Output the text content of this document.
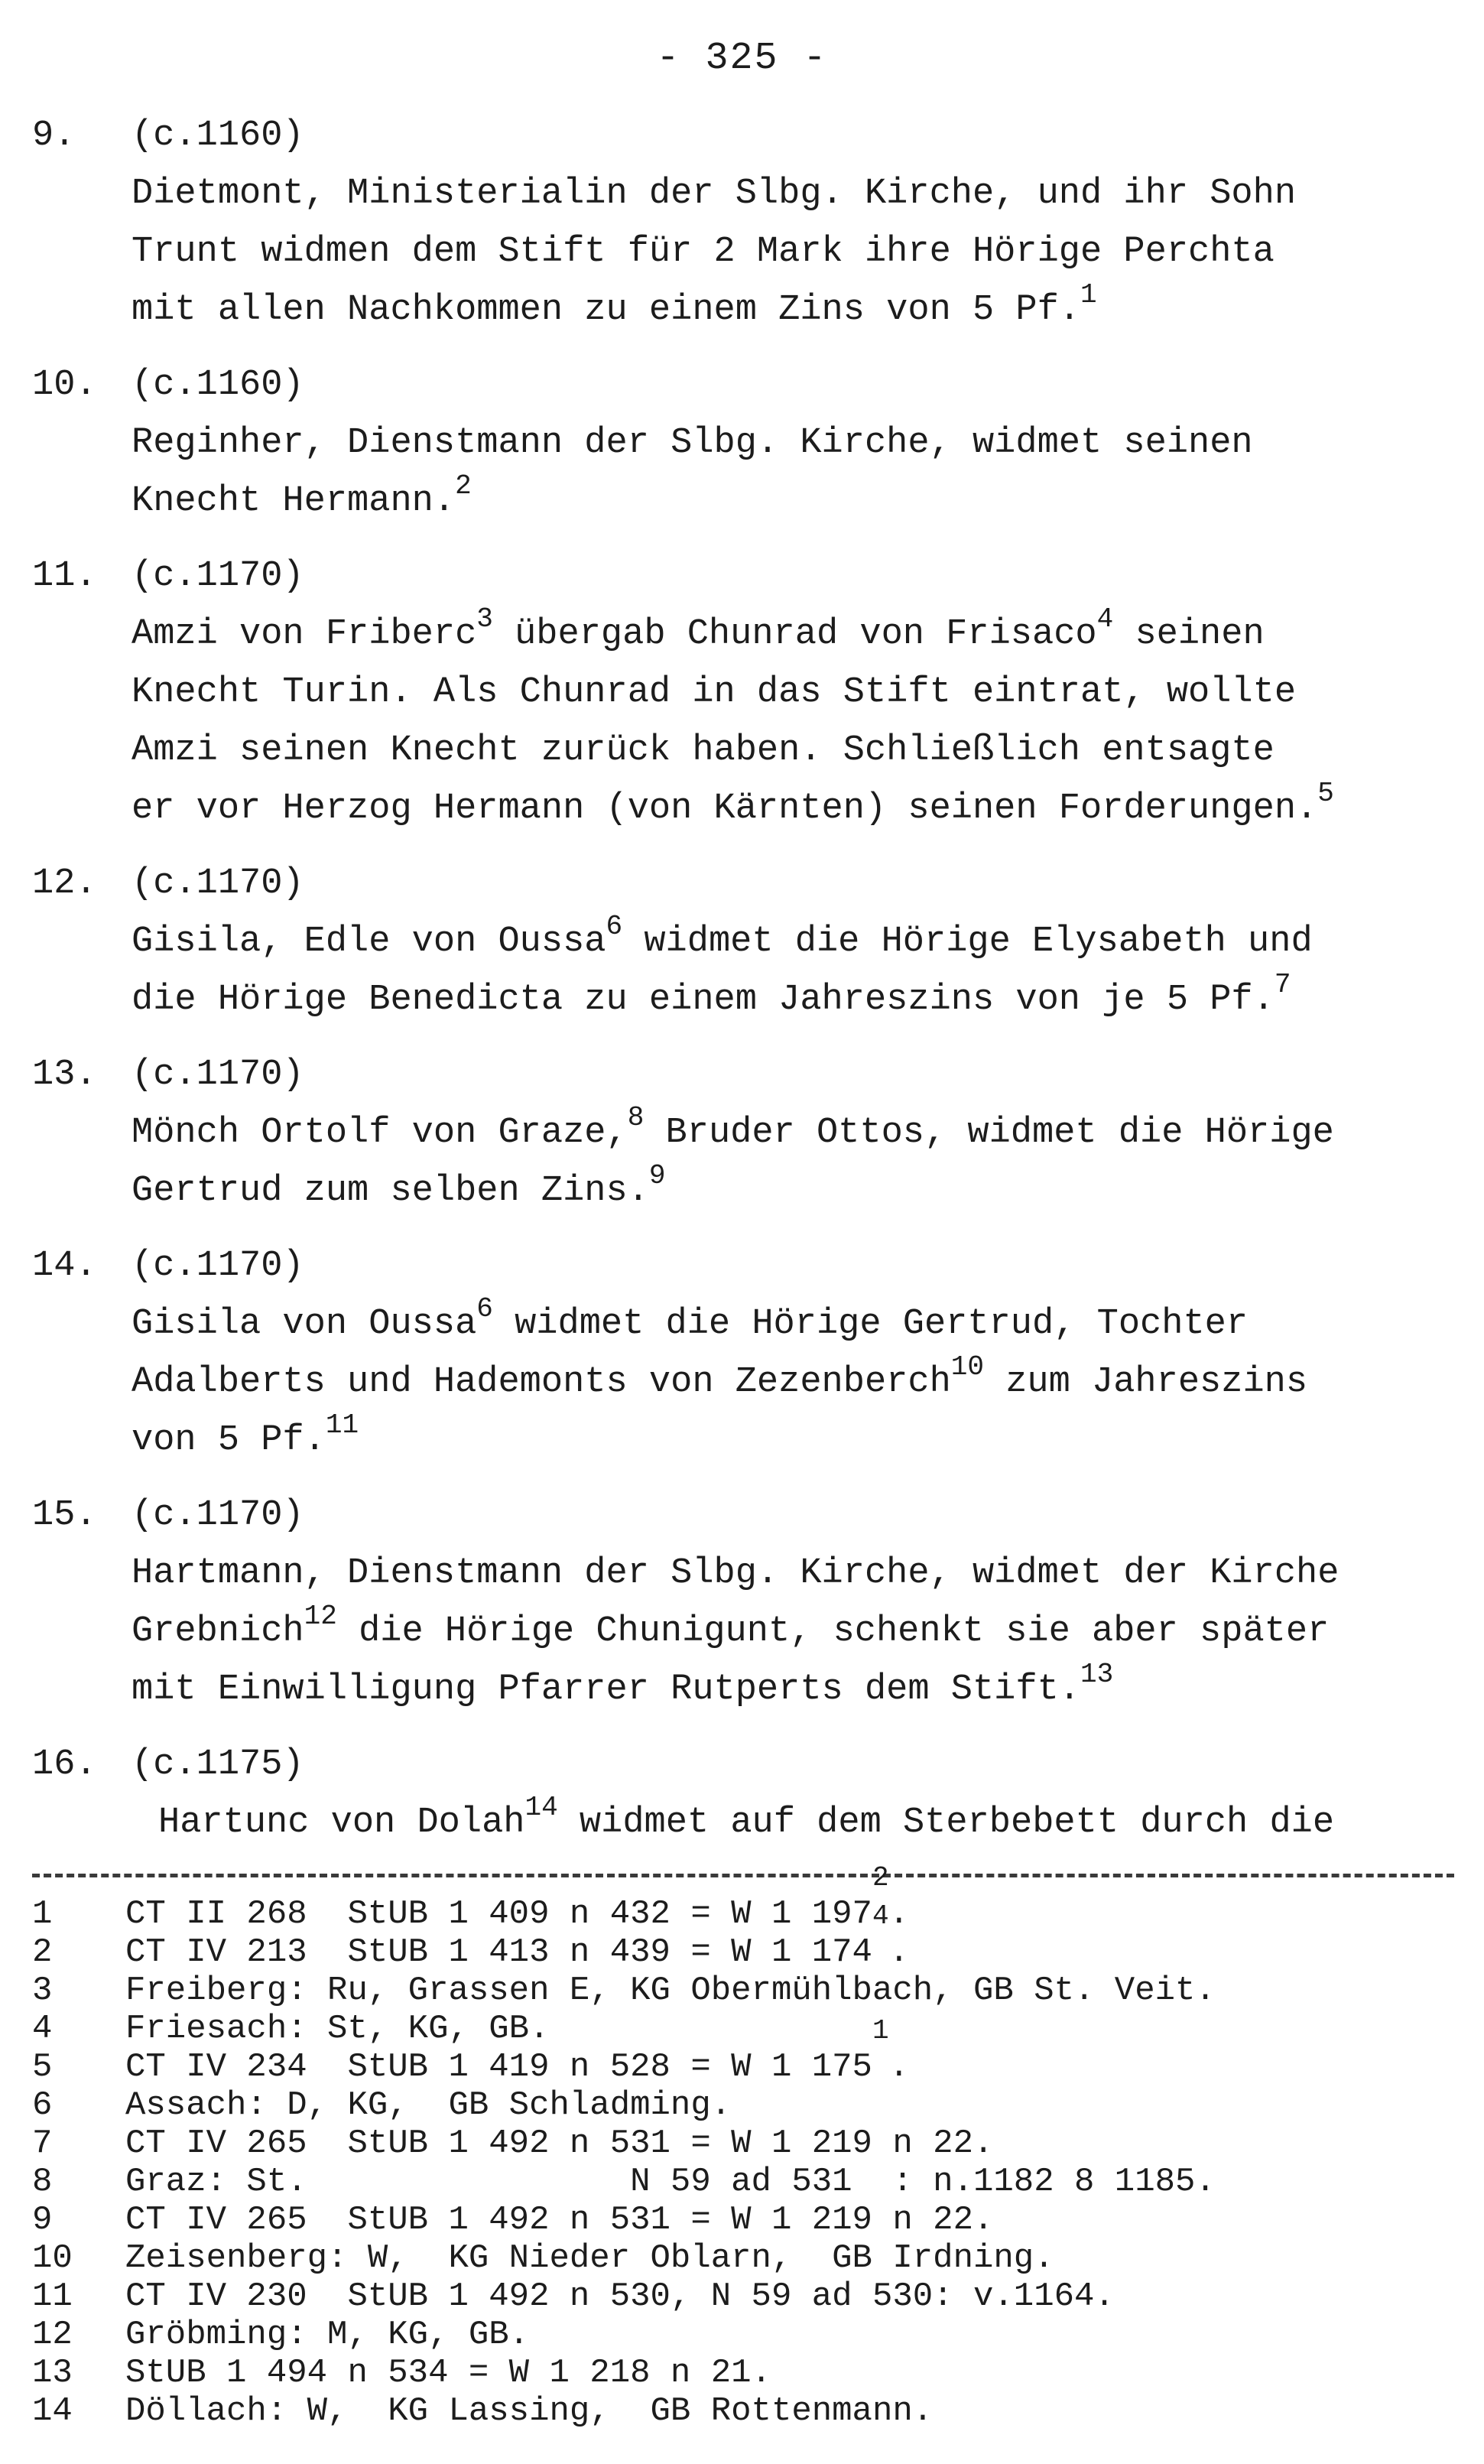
- 325 -
9.	(c.1160)
Dietmont, Ministerialin der Slbg. Kirche, und ihr Sohn
Trunt widmen dem Stift für 2 Mark ihre Hörige Perchta
mit allen Nachkommen zu einem Zins von 5 Pf.$^1$
10. (c.1160)
Reginher, Dienstmann der Slbg. Kirche, widmet seinen
Knecht Hermann.$^2$
11. (c.1170)
Amzi von Friberc$^3$ übergab Chunrad von Frisaco$^4$ seinen
Knecht Turin. Als Chunrad in das Stift eintrat, wollte
Amzi seinen Knecht zurück haben. Schließlich entsagte
er vor Herzog Hermann (von Kärnten) seinen Forderungen.$^5$
12. (c.1170)
Gisila, Edle von Oussa$^6$ widmet die Hörige Elysabeth und
die Hörige Benedicta zu einem Jahreszins von je 5 Pf.$^7$
13. (c.1170)
Mönch Ortolf von Graze,$^8$ Bruder Ottos, widmet die Hörige
Gertrud zum selben Zins.$^9$
14. (c.1170)
Gisila von Oussa$^6$ widmet die Hörige Gertrud, Tochter
Adalberts und Hademonts von Zezenberch$^{10}$ zum Jahreszins
von 5 Pf.$^{11}$
15. (c.1170)
Hartmann, Dienstmann der Slbg. Kirche, widmet der Kirche
Grebnich$^{12}$ die Hörige Chunigunt, schenkt sie aber später
mit Einwilligung Pfarrer Rutperts dem Stift.$^{13}$
16. (c.1175)
Hartunc von Dolah$^{14}$ widmet auf dem Sterbebett durch die
1	CT II 268  StUB 1 409 n 432 = W 1 197
$^2$
.
2	CT IV 213  StUB 1 413 n 439 = W 1 174
$^4$
.
3	Freiberg: Ru, Grassen E, KG Obermühlbach, GB St. Veit.
4	Friesach: St, KG, GB.
5	CT IV 234  StUB 1 419 n 528 = W 1 175
$^1$
.
6	Assach: D, KG,  GB Schladming.
7	CT IV 265  StUB 1 492 n 531 = W 1 219 n 22.
8	Graz: St.                N 59 ad 531  : n.1182 8 1185.
9	CT IV 265  StUB 1 492 n 531 = W 1 219 n 22.
10	Zeisenberg: W,  KG Nieder Oblarn,  GB Irdning.
11	CT IV 230  StUB 1 492 n 530, N 59 ad 530: v.1164.
12	Gröbming: M, KG, GB.
13	StUB 1 494 n 534 = W 1 218 n 21.
14	Döllach: W,  KG Lassing,  GB Rottenmann.
